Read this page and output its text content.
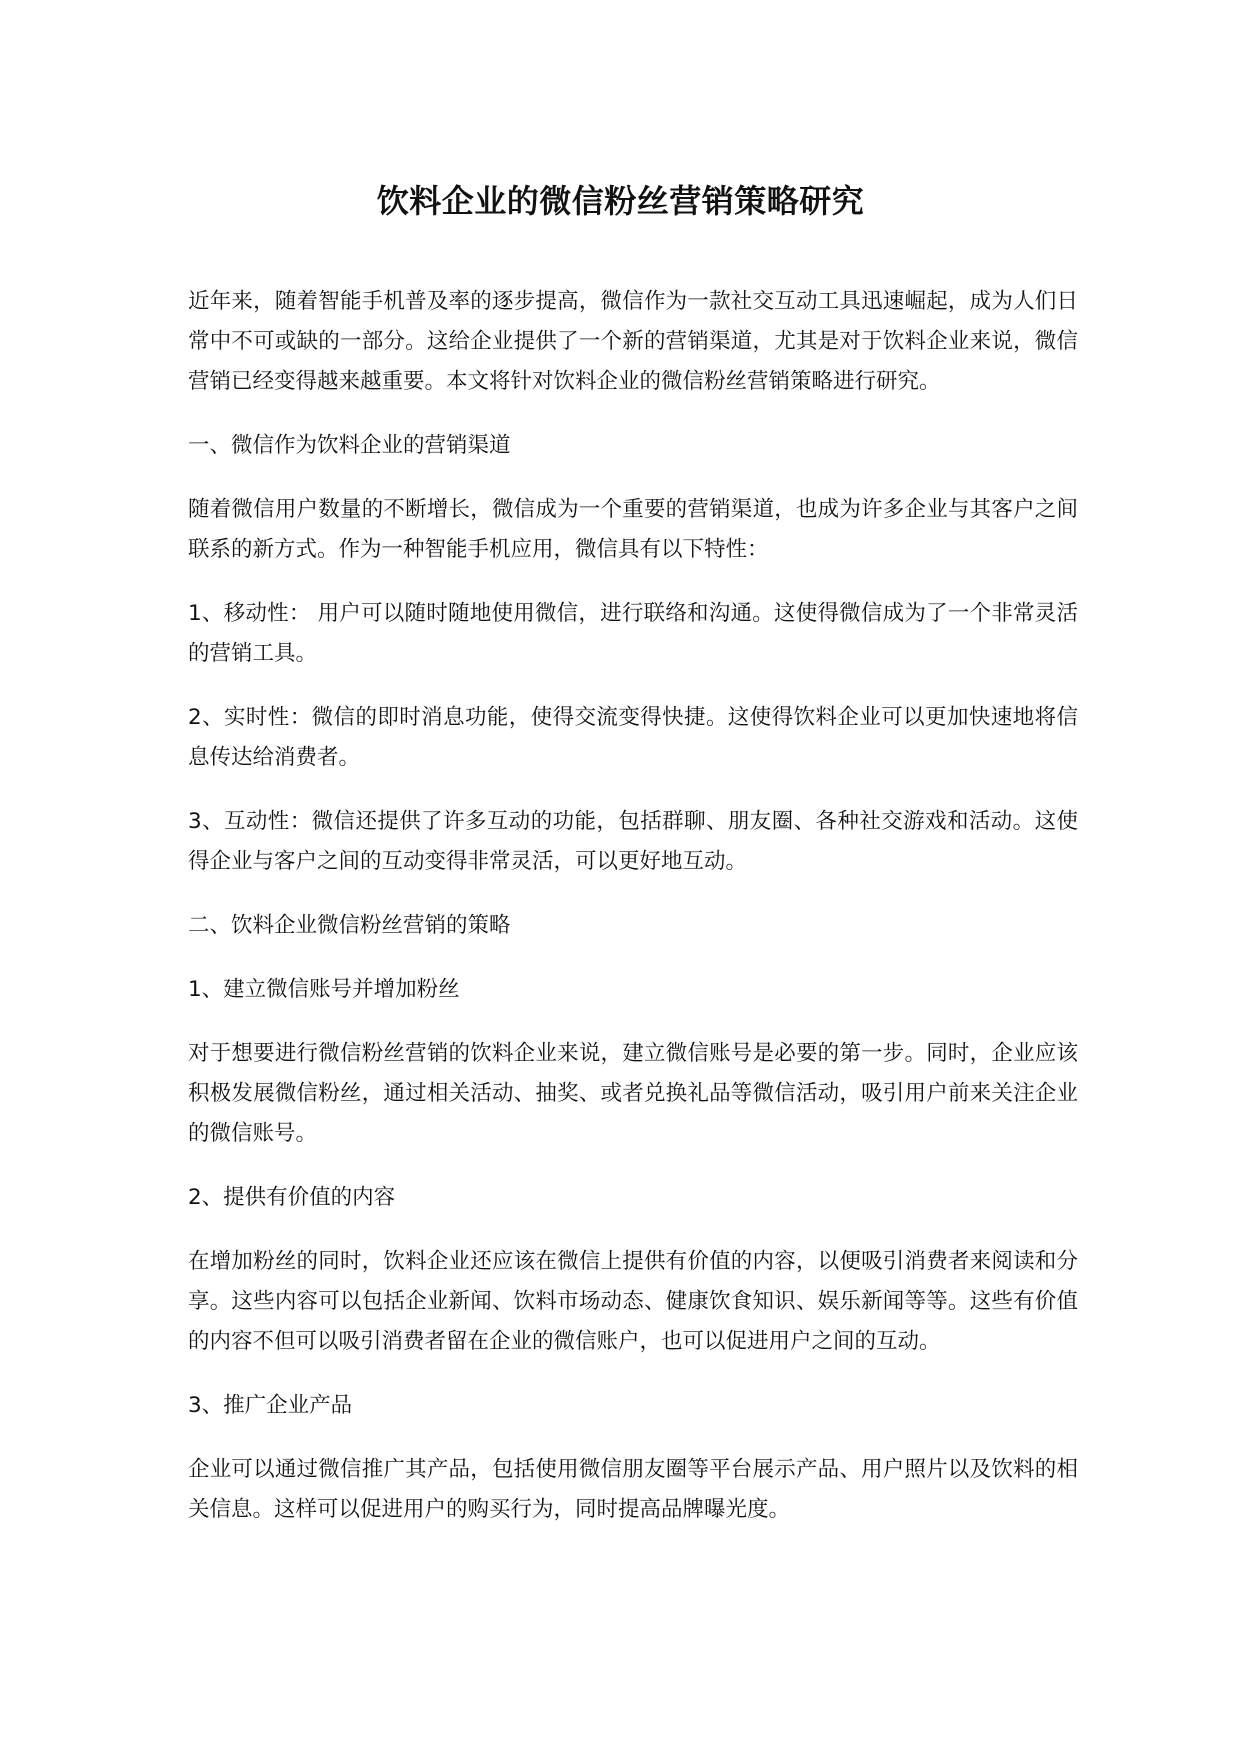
饮料企业的微信粉丝营销策略研究

近年来，随着智能手机普及率的逐步提高，微信作为一款社交互动工具迅速崛起，成为人们日常中不可或缺的一部分。这给企业提供了一个新的营销渠道，尤其是对于饮料企业来说，微信营销已经变得越来越重要。本文将针对饮料企业的微信粉丝营销策略进行研究。

一、微信作为饮料企业的营销渠道

随着微信用户数量的不断增长，微信成为一个重要的营销渠道，也成为许多企业与其客户之间联系的新方式。作为一种智能手机应用，微信具有以下特性：

1、移动性： 用户可以随时随地使用微信，进行联络和沟通。这使得微信成为了一个非常灵活的营销工具。

2、实时性：微信的即时消息功能，使得交流变得快捷。这使得饮料企业可以更加快速地将信息传达给消费者。

3、互动性：微信还提供了许多互动的功能，包括群聊、朋友圈、各种社交游戏和活动。这使得企业与客户之间的互动变得非常灵活，可以更好地互动。

二、饮料企业微信粉丝营销的策略

1、建立微信账号并增加粉丝

对于想要进行微信粉丝营销的饮料企业来说，建立微信账号是必要的第一步。同时，企业应该积极发展微信粉丝，通过相关活动、抽奖、或者兑换礼品等微信活动，吸引用户前来关注企业的微信账号。

2、提供有价值的内容

在增加粉丝的同时，饮料企业还应该在微信上提供有价值的内容，以便吸引消费者来阅读和分享。这些内容可以包括企业新闻、饮料市场动态、健康饮食知识、娱乐新闻等等。这些有价值的内容不但可以吸引消费者留在企业的微信账户，也可以促进用户之间的互动。

3、推广企业产品

企业可以通过微信推广其产品，包括使用微信朋友圈等平台展示产品、用户照片以及饮料的相关信息。这样可以促进用户的购买行为，同时提高品牌曝光度。
